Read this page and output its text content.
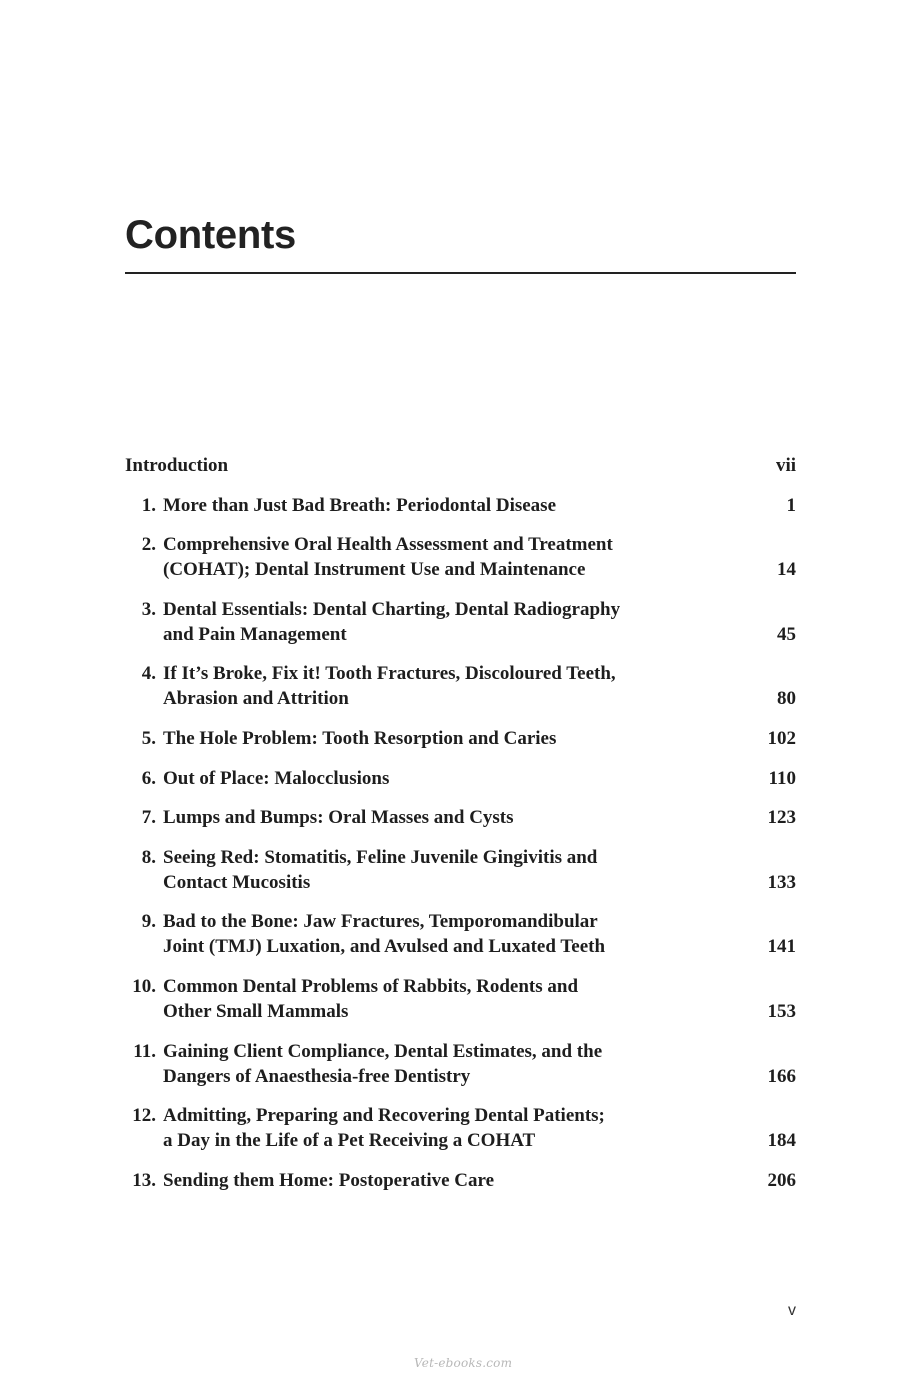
Contents
Introduction	vii
1. More than Just Bad Breath: Periodontal Disease	1
2. Comprehensive Oral Health Assessment and Treatment
(COHAT); Dental Instrument Use and Maintenance	14
3. Dental Essentials: Dental Charting, Dental Radiography
and Pain Management	45
4. If It’s Broke, Fix it! Tooth Fractures, Discoloured Teeth,
Abrasion and Attrition	80
5. The Hole Problem: Tooth Resorption and Caries	102
6. Out of Place: Malocclusions	110
7. Lumps and Bumps: Oral Masses and Cysts	123
8. Seeing Red: Stomatitis, Feline Juvenile Gingivitis and
Contact Mucositis	133
9. Bad to the Bone: Jaw Fractures, Temporomandibular
Joint (TMJ) Luxation, and Avulsed and Luxated Teeth	141
10. Common Dental Problems of Rabbits, Rodents and
Other Small Mammals	153
11. Gaining Client Compliance, Dental Estimates, and the
Dangers of Anaesthesia-free Dentistry	166
12. Admitting, Preparing and Recovering Dental Patients;
a Day in the Life of a Pet Receiving a COHAT	184
13. Sending them Home: Postoperative Care	206
v
Vet-ebooks.com
